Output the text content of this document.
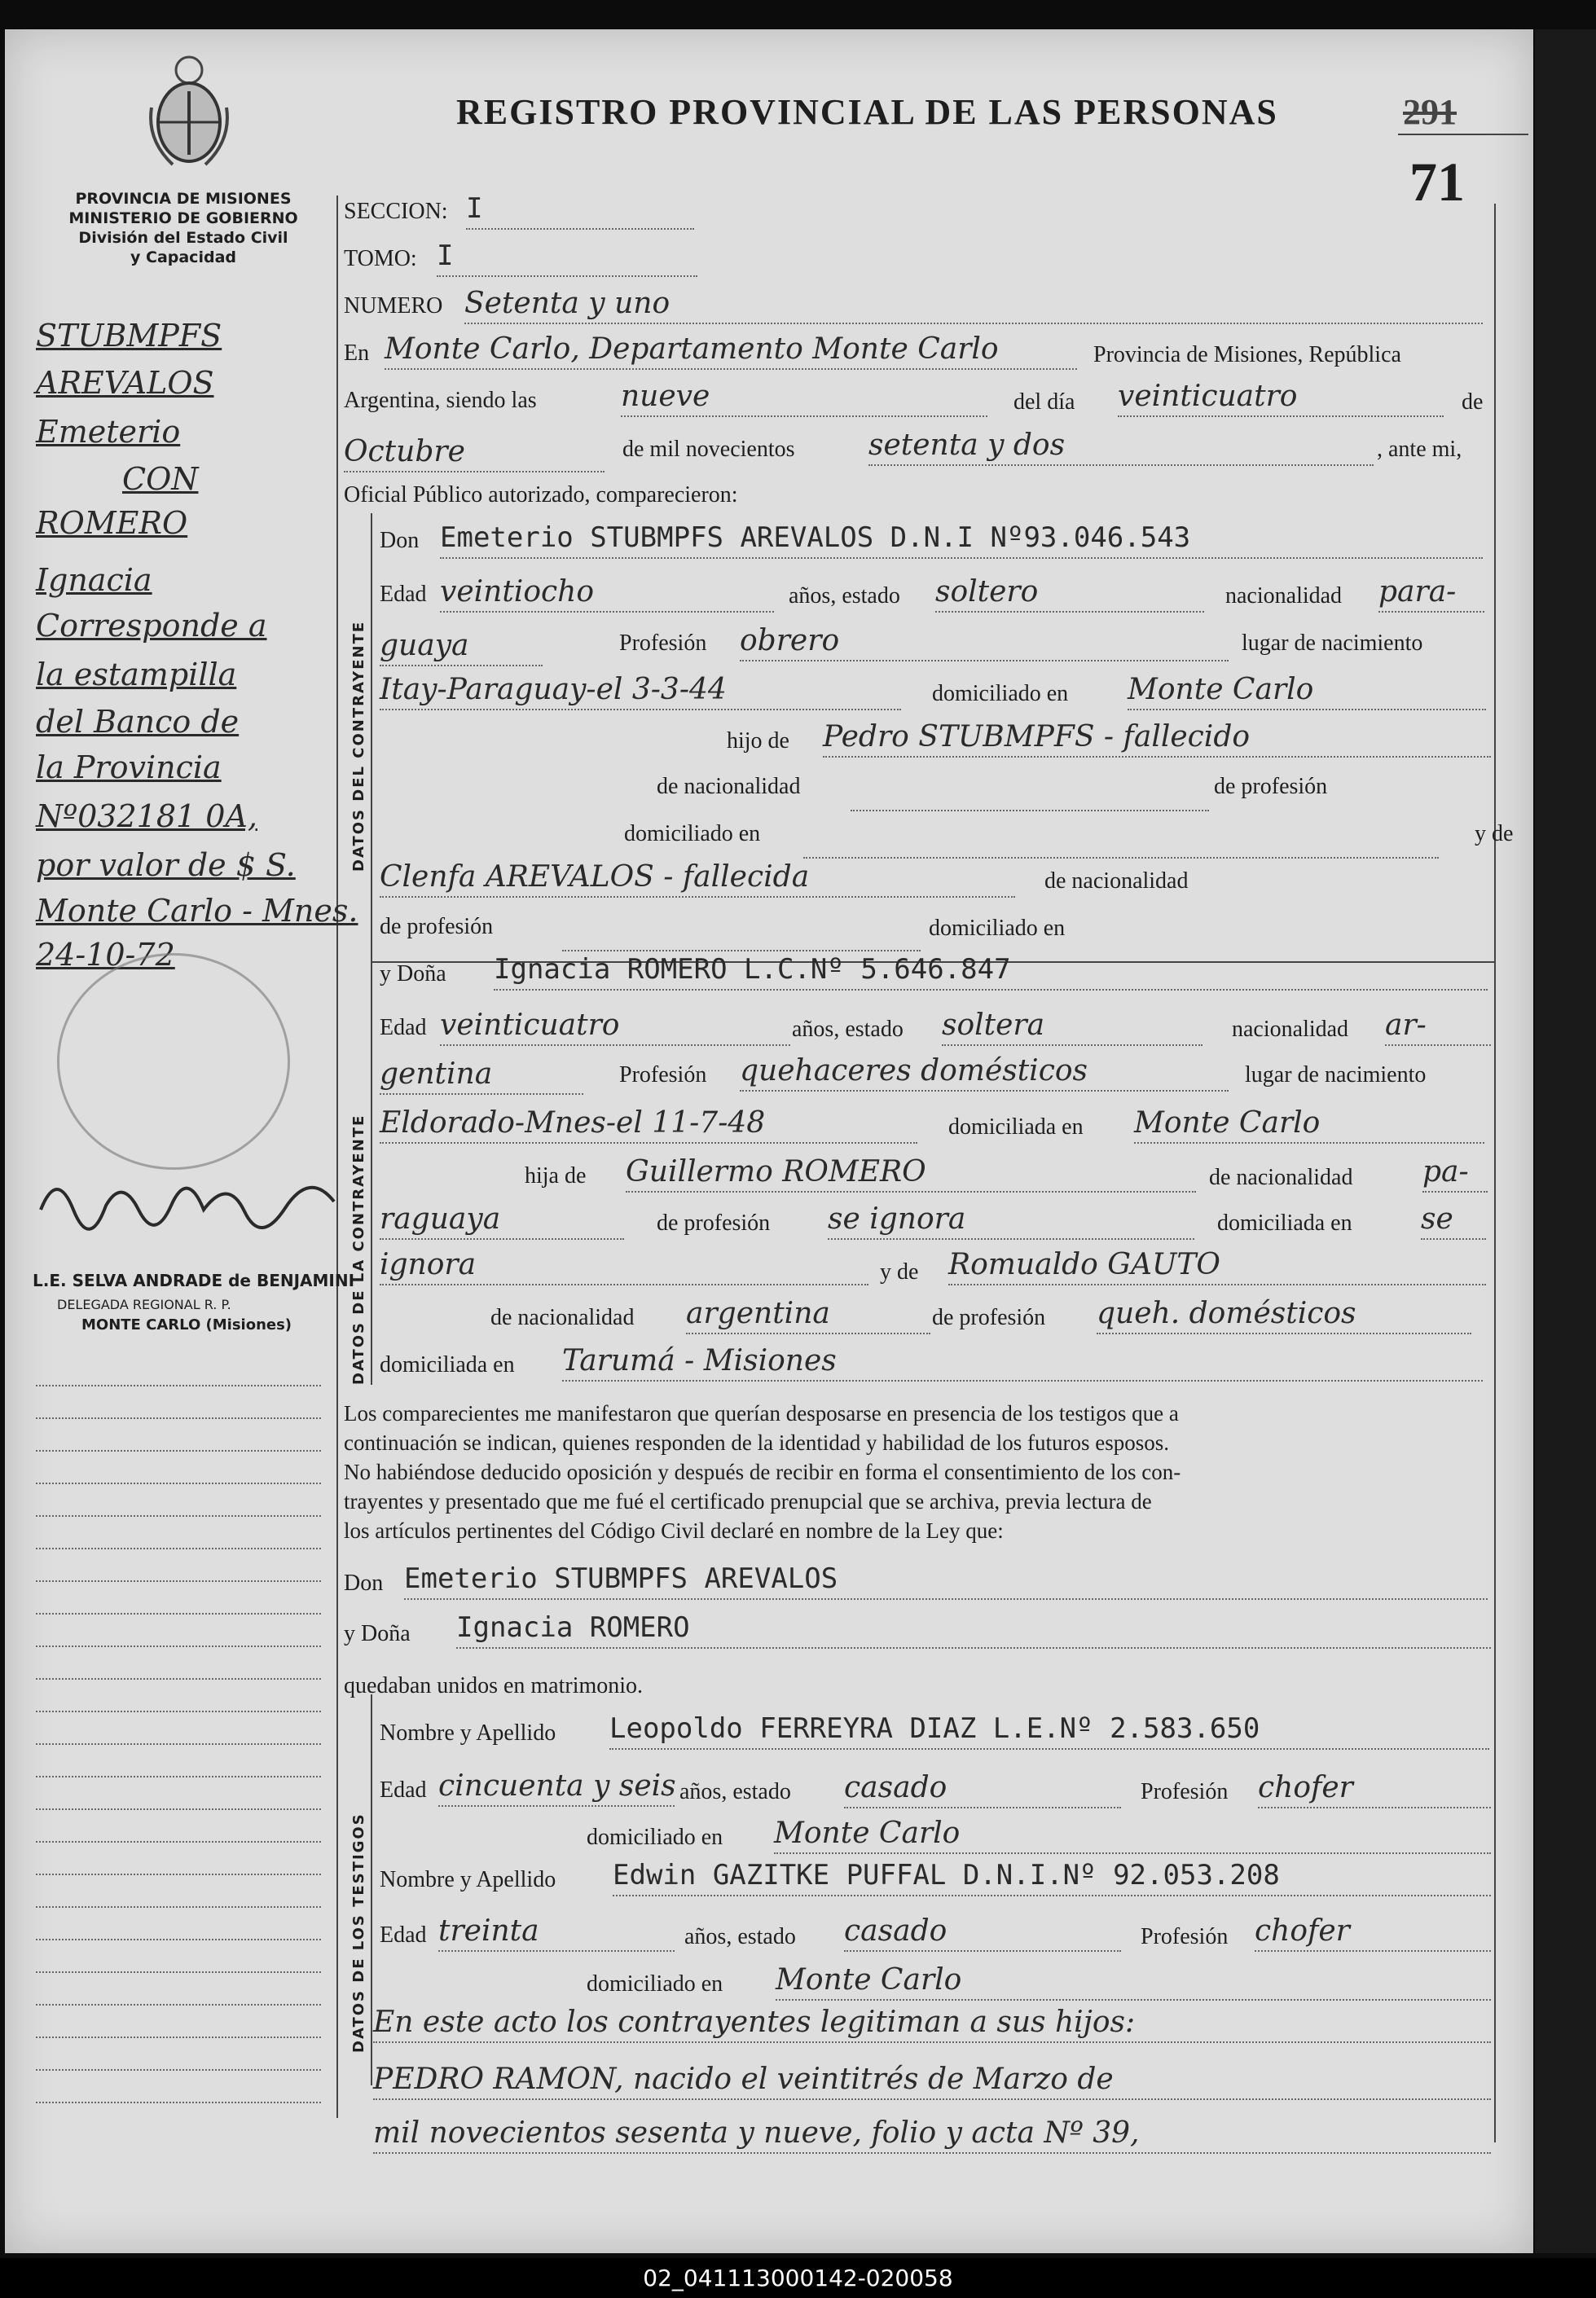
REGISTRO PROVINCIAL DE LAS PERSONAS	291
71
PROVINCIA DE MISIONES
MINISTERIO DE GOBIERNO
División del Estado Civil
y Capacidad
STUBMPFS
AREVALOS
Emeterio
CON
ROMERO
Ignacia
Corresponde a
la estampilla
del Banco de
la Provincia
Nº032181 0A,
por valor de $ S.
Monte Carlo - Mnes.
24-10-72
L.E. SELVA ANDRADE de BENJAMINI
DELEGADA REGIONAL R. P.
MONTE CARLO (Misiones)
DATOS DEL CONTRAYENTE
DATOS DE LA CONTRAYENTE
DATOS DE LOS TESTIGOS
SECCION: I
TOMO: I
NUMERO Setenta y uno
En Monte Carlo, Departamento Monte Carlo	Provincia de Misiones, República
Argentina, siendo las	nueve	del día veinticuatro	de
Octubre	de mil novecientos	setenta y dos	, ante mi,
Oficial Público autorizado, comparecieron:
Don Emeterio STUBMPFS AREVALOS D.N.I Nº93.046.543
Edad veintiocho	años, estado soltero	nacionalidad para-
guaya	Profesión obrero	lugar de nacimiento
Itay-Paraguay-el 3-3-44	domiciliado en Monte Carlo
hijo de Pedro STUBMPFS - fallecido
de nacionalidad	de profesión
domiciliado en	y de
Clenfa AREVALOS - fallecida	de nacionalidad
de profesión	domiciliado en
y Doña Ignacia ROMERO L.C.Nº 5.646.847
Edad veinticuatro	años, estado soltera	nacionalidad ar-
gentina	Profesión quehaceres domésticos	lugar de nacimiento
Eldorado-Mnes-el 11-7-48	domiciliada en Monte Carlo
hija de Guillermo ROMERO	de nacionalidad pa-
raguaya	de profesión se ignora	domiciliada en se
ignora	y de Romualdo GAUTO
de nacionalidad argentina	de profesión queh. domésticos
domiciliada en Tarumá - Misiones
Los comparecientes me manifestaron que querían desposarse en presencia de los testigos que a
continuación se indican, quienes responden de la identidad y habilidad de los futuros esposos.
No habiéndose deducido oposición y después de recibir en forma el consentimiento de los con-
trayentes y presentado que me fué el certificado prenupcial que se archiva, previa lectura de
los artículos pertinentes del Código Civil declaré en nombre de la Ley que:
Don Emeterio STUBMPFS AREVALOS
y Doña Ignacia ROMERO
quedaban unidos en matrimonio.
Nombre y Apellido Leopoldo FERREYRA DIAZ L.E.Nº 2.583.650
Edad cincuenta y seis años, estado casado	Profesión chofer
domiciliado en Monte Carlo
Nombre y Apellido Edwin GAZITKE PUFFAL D.N.I.Nº 92.053.208
Edad treinta	años, estado casado	Profesión chofer
domiciliado en Monte Carlo
En este acto los contrayentes legitiman a sus hijos:
PEDRO RAMON, nacido el veintitrés de Marzo de
mil novecientos sesenta y nueve, folio y acta Nº 39,
02_041113000142-020058
